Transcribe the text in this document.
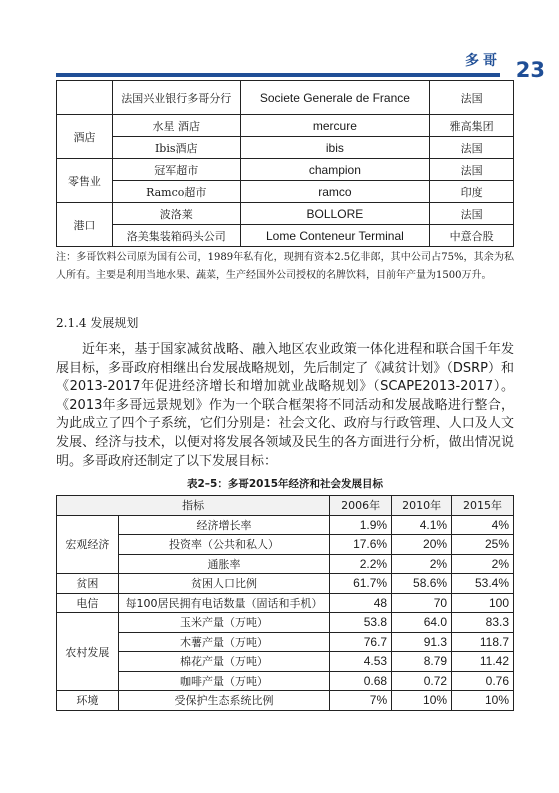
多哥 23
	法国兴业银行多哥分行	Societe Generale de France	法国
酒店	水星 酒店	mercure	雅高集团
	Ibis酒店	ibis	法国
零售业	冠军超市	champion	法国
	Ramco超市	ramco	印度
港口	波洛莱	BOLLORE	法国
	洛美集装箱码头公司	Lome Conteneur Terminal	中意合股

注：多哥饮料公司原为国有公司，1989年私有化，现拥有资本2.5亿非郎，其中公司占75%，其余为私人所有。主要是利用当地水果、蔬菜，生产经国外公司授权的名牌饮料，目前年产量为1500万升。

2.1.4 发展规划

近年来，基于国家减贫战略、融入地区农业政策一体化进程和联合国千年发展目标，多哥政府相继出台发展战略规划，先后制定了《减贫计划》（DSRP）和《2013-2017年促进经济增长和增加就业战略规划》（SCAPE2013-2017）。《2013年多哥远景规划》作为一个联合框架将不同活动和发展战略进行整合，为此成立了四个子系统，它们分别是：社会文化、政府与行政管理、人口及人文发展、经济与技术，以便对将发展各领域及民生的各方面进行分析，做出情况说明。多哥政府还制定了以下发展目标：

表2–5：多哥2015年经济和社会发展目标
指标		2006年	2010年	2015年
宏观经济	经济增长率	1.9%	4.1%	4%
	投资率（公共和私人）	17.6%	20%	25%
	通胀率	2.2%	2%	2%
贫困	贫困人口比例	61.7%	58.6%	53.4%
电信	每100居民拥有电话数量（固话和手机）	48	70	100
农村发展	玉米产量（万吨）	53.8	64.0	83.3
	木薯产量（万吨）	76.7	91.3	118.7
	棉花产量（万吨）	4.53	8.79	11.42
	咖啡产量（万吨）	0.68	0.72	0.76
环境	受保护生态系统比例	7%	10%	10%
